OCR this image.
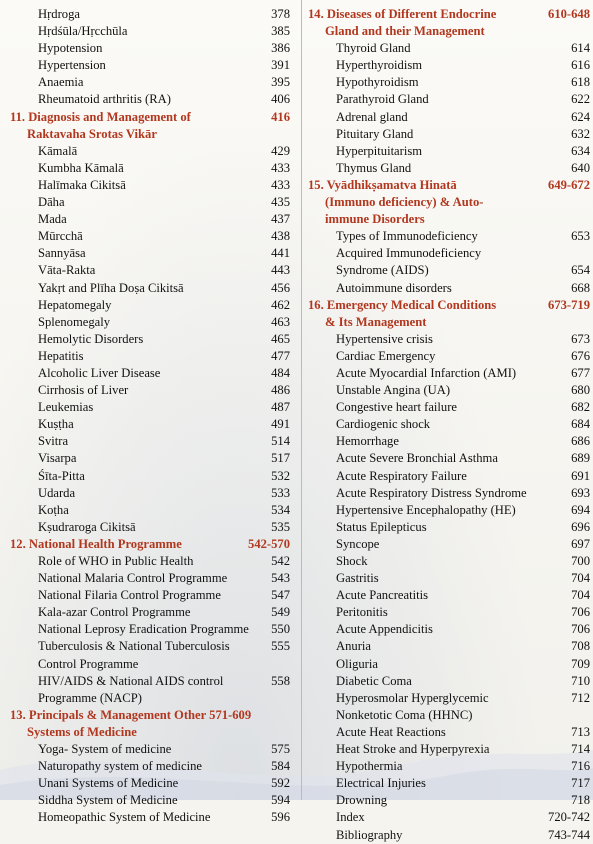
Hṛdroga	378
Hṛdśūla/Hṛcchūla	385
Hypotension	386
Hypertension	391
Anaemia	395
Rheumatoid arthritis (RA)	406
11. Diagnosis and Management of	416
Raktavaha Srotas Vikār
Kāmalā	429
Kumbha Kāmalā	433
Halīmaka Cikitsā	433
Dāha	435
Mada	437
Mūrcchā	438
Sannyāsa	441
Vāta-Rakta	443
Yakṛt and Plīha Doṣa Cikitsā	456
Hepatomegaly	462
Splenomegaly	463
Hemolytic Disorders	465
Hepatitis	477
Alcoholic Liver Disease	484
Cirrhosis of Liver	486
Leukemias	487
Kuṣṭha	491
Svitra	514
Visarpa	517
Śīta-Pitta	532
Udarda	533
Koṭha	534
Kṣudraroga Cikitsā	535
12. National Health Programme	542-570
Role of WHO in Public Health	542
National Malaria Control Programme	543
National Filaria Control Programme	547
Kala-azar Control Programme	549
National Leprosy Eradication Programme 550
Tuberculosis & National Tuberculosis	555
Control Programme
HIV/AIDS & National AIDS control	558
Programme (NACP)
13. Principals & Management Other 571-609
Systems of Medicine
Yoga- System of medicine	575
Naturopathy system of medicine	584
Unani Systems of Medicine	592
Siddha System of Medicine	594
Homeopathic System of Medicine	596
14. Diseases of Different Endocrine	610-648
Gland and their Management
Thyroid Gland	614
Hyperthyroidism	616
Hypothyroidism	618
Parathyroid Gland	622
Adrenal gland	624
Pituitary Gland	632
Hyperpituitarism	634
Thymus Gland	640
15. Vyādhikṣamatva Hinatā	649-672
(Immuno deficiency) & Auto-
immune Disorders
Types of Immunodeficiency	653
Acquired Immunodeficiency
Syndrome (AIDS)	654
Autoimmune disorders	668
16. Emergency Medical Conditions	673-719
& Its Management
Hypertensive crisis	673
Cardiac Emergency	676
Acute Myocardial Infarction (AMI)	677
Unstable Angina (UA)	680
Congestive heart failure	682
Cardiogenic shock	684
Hemorrhage	686
Acute Severe Bronchial Asthma	689
Acute Respiratory Failure	691
Acute Respiratory Distress Syndrome	693
Hypertensive Encephalopathy (HE)	694
Status Epilepticus	696
Syncope	697
Shock	700
Gastritis	704
Acute Pancreatitis	704
Peritonitis	706
Acute Appendicitis	706
Anuria	708
Oliguria	709
Diabetic Coma	710
Hyperosmolar Hyperglycemic	712
Nonketotic Coma (HHNC)
Acute Heat Reactions	713
Heat Stroke and Hyperpyrexia	714
Hypothermia	716
Electrical Injuries	717
Drowning	718
Index	720-742
Bibliography	743-744
